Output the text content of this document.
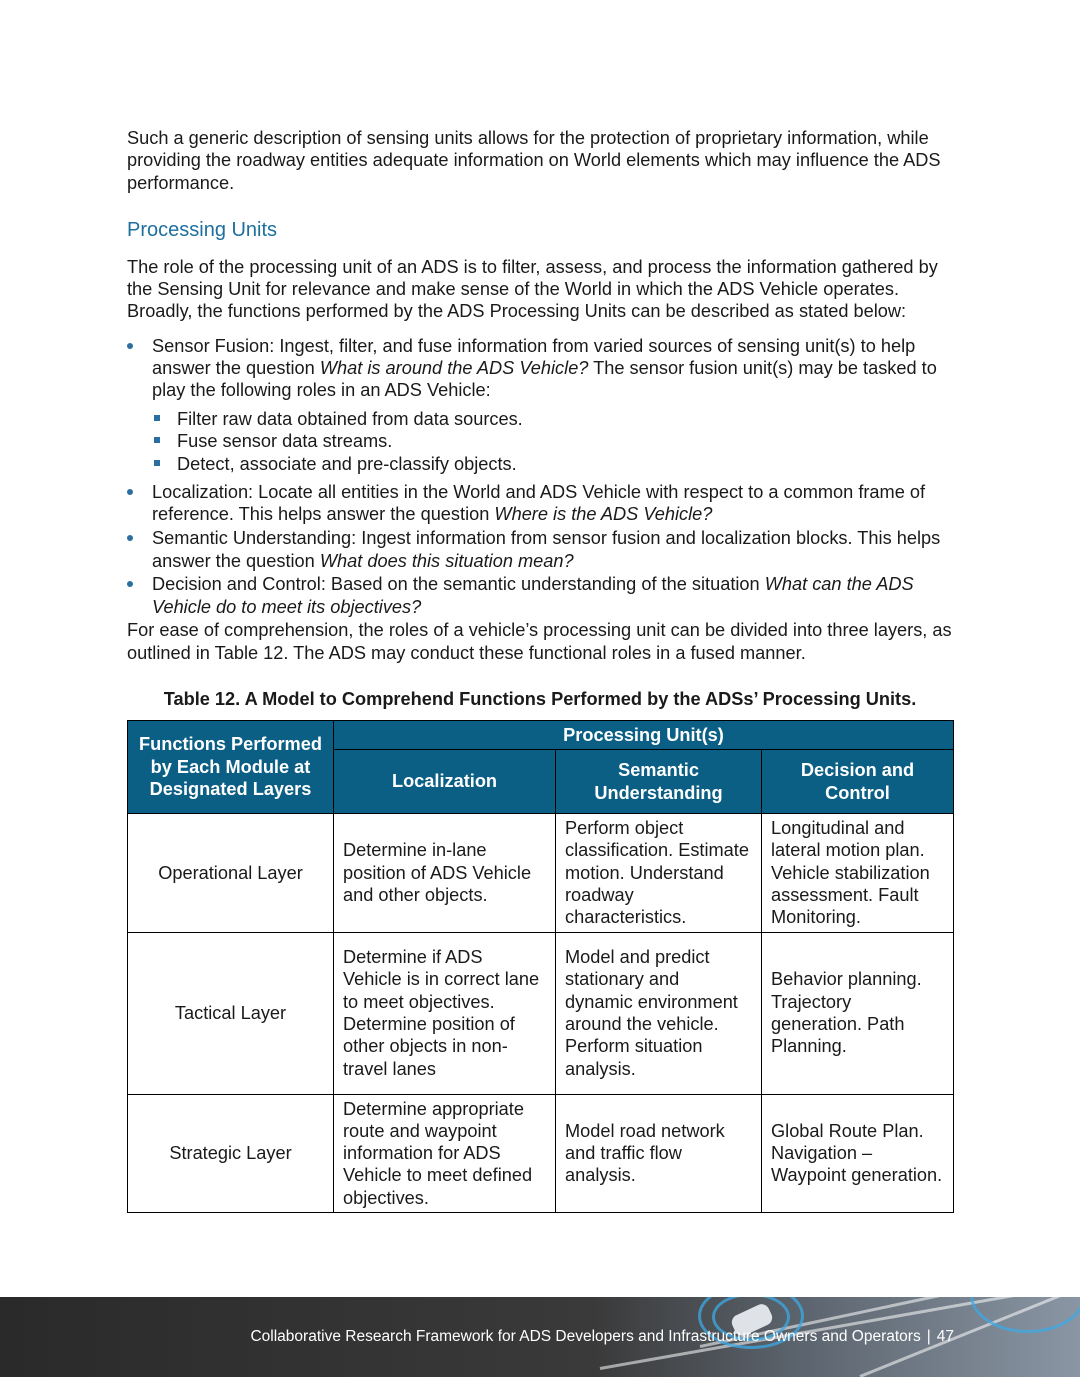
Such a generic description of sensing units allows for the protection of proprietary information, while providing the roadway entities adequate information on World elements which may influence the ADS performance.

Processing Units

The role of the processing unit of an ADS is to filter, assess, and process the information gathered by the Sensing Unit for relevance and make sense of the World in which the ADS Vehicle operates. Broadly, the functions performed by the ADS Processing Units can be described as stated below:

Sensor Fusion: Ingest, filter, and fuse information from varied sources of sensing unit(s) to help answer the question What is around the ADS Vehicle? The sensor fusion unit(s) may be tasked to play the following roles in an ADS Vehicle:
Filter raw data obtained from data sources.
Fuse sensor data streams.
Detect, associate and pre-classify objects.
Localization: Locate all entities in the World and ADS Vehicle with respect to a common frame of reference. This helps answer the question Where is the ADS Vehicle?
Semantic Understanding: Ingest information from sensor fusion and localization blocks. This helps answer the question What does this situation mean?
Decision and Control: Based on the semantic understanding of the situation What can the ADS Vehicle do to meet its objectives?

For ease of comprehension, the roles of a vehicle’s processing unit can be divided into three layers, as outlined in Table 12. The ADS may conduct these functional roles in a fused manner.

Table 12. A Model to Comprehend Functions Performed by the ADSs’ Processing Units.
Functions Performed by Each Module at Designated Layers	Processing Unit(s)		
	Localization	Semantic Understanding	Decision and Control
Operational Layer	Determine in-lane position of ADS Vehicle and other objects.	Perform object classification. Estimate motion. Understand roadway characteristics.	Longitudinal and lateral motion plan. Vehicle stabilization assessment. Fault Monitoring.
Tactical Layer	Determine if ADS Vehicle is in correct lane to meet objectives. Determine position of other objects in non-travel lanes	Model and predict stationary and dynamic environment around the vehicle. Perform situation analysis.	Behavior planning. Trajectory generation. Path Planning.
Strategic Layer	Determine appropriate route and waypoint information for ADS Vehicle to meet defined objectives.	Model road network and traffic flow analysis.	Global Route Plan. Navigation – Waypoint generation.
Collaborative Research Framework for ADS Developers and Infrastructure Owners and Operators | 47
